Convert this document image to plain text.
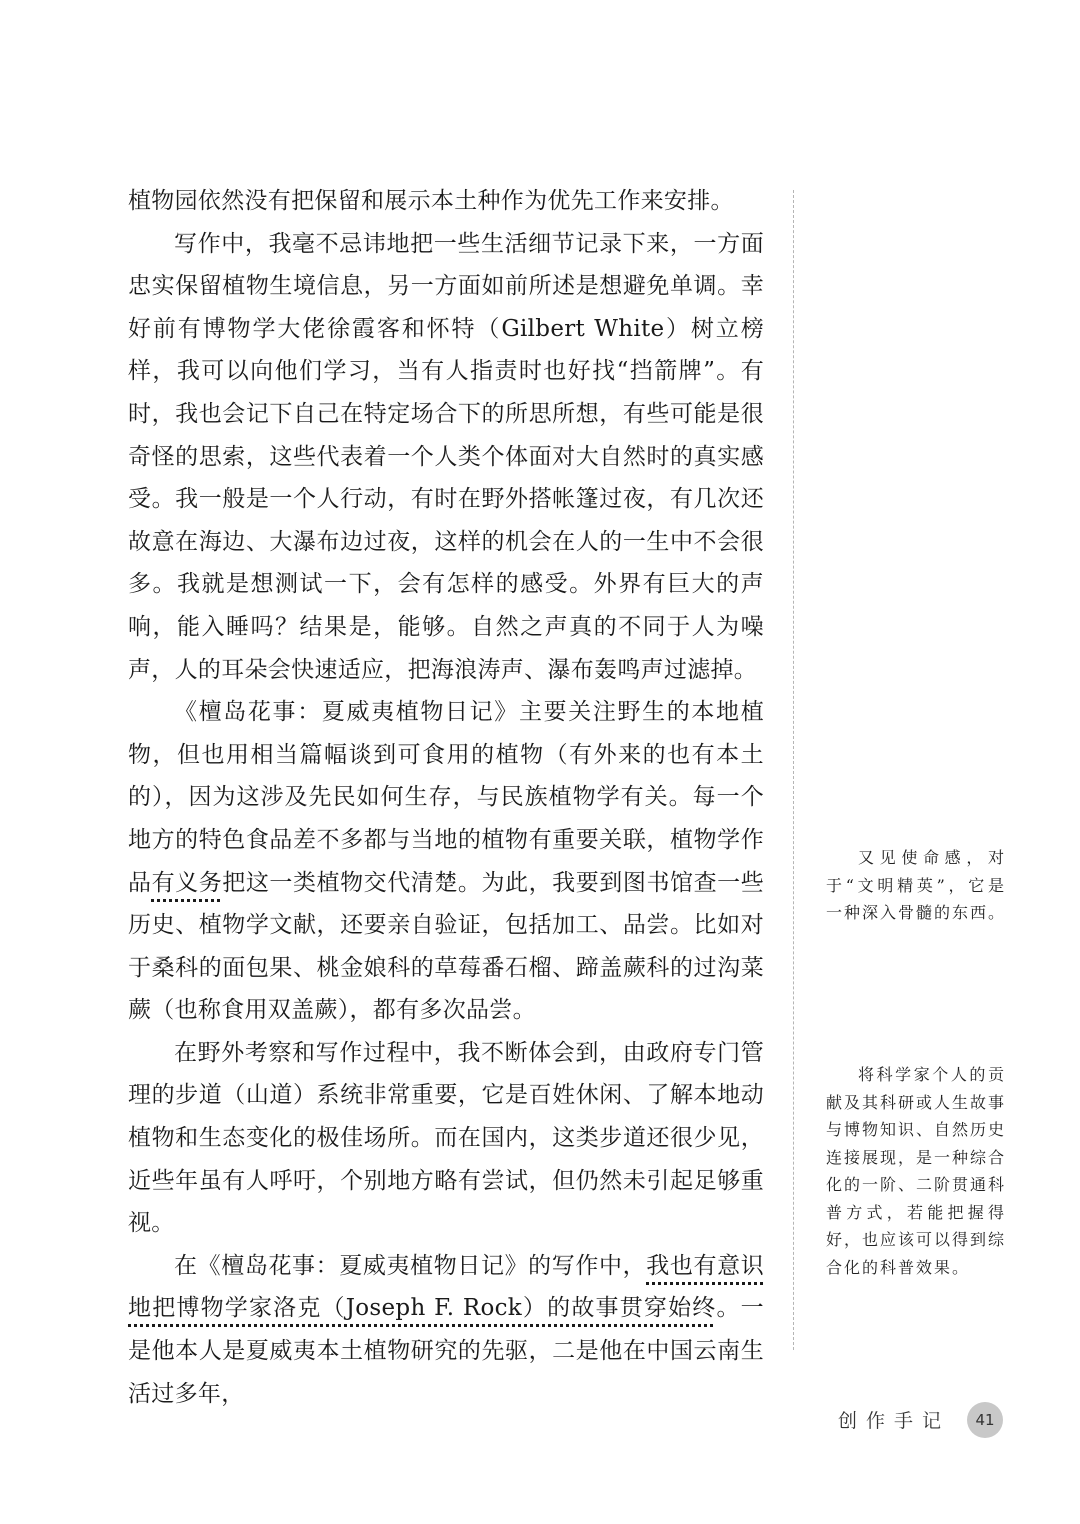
植物园依然没有把保留和展示本土种作为优先工作来安排。

写作中，我毫不忌讳地把一些生活细节记录下来，一方面忠实保留植物生境信息，另一方面如前所述是想避免单调。幸好前有博物学大佬徐霞客和怀特（Gilbert White）树立榜样，我可以向他们学习，当有人指责时也好找“挡箭牌”。有时，我也会记下自己在特定场合下的所思所想，有些可能是很奇怪的思索，这些代表着一个人类个体面对大自然时的真实感受。我一般是一个人行动，有时在野外搭帐篷过夜，有几次还故意在海边、大瀑布边过夜，这样的机会在人的一生中不会很多。我就是想测试一下，会有怎样的感受。外界有巨大的声响，能入睡吗？结果是，能够。自然之声真的不同于人为噪声，人的耳朵会快速适应，把海浪涛声、瀑布轰鸣声过滤掉。

《檀岛花事：夏威夷植物日记》主要关注野生的本地植物，但也用相当篇幅谈到可食用的植物（有外来的也有本土的），因为这涉及先民如何生存，与民族植物学有关。每一个地方的特色食品差不多都与当地的植物有重要关联，植物学作品有义务把这一类植物交代清楚。为此，我要到图书馆查一些历史、植物学文献，还要亲自验证，包括加工、品尝。比如对于桑科的面包果、桃金娘科的草莓番石榴、蹄盖蕨科的过沟菜蕨（也称食用双盖蕨），都有多次品尝。

在野外考察和写作过程中，我不断体会到，由政府专门管理的步道（山道）系统非常重要，它是百姓休闲、了解本地动植物和生态变化的极佳场所。而在国内，这类步道还很少见，近些年虽有人呼吁，个别地方略有尝试，但仍然未引起足够重视。

在《檀岛花事：夏威夷植物日记》的写作中，我也有意识地把博物学家洛克（Joseph F. Rock）的故事贯穿始终。一是他本人是夏威夷本土植物研究的先驱，二是他在中国云南生活过多年，

又见使命感，对于“文明精英”，它是一种深入骨髓的东西。

将科学家个人的贡献及其科研或人生故事与博物知识、自然历史连接展现，是一种综合化的一阶、二阶贯通科普方式，若能把握得好，也应该可以得到综合化的科普效果。

创作手记 41
